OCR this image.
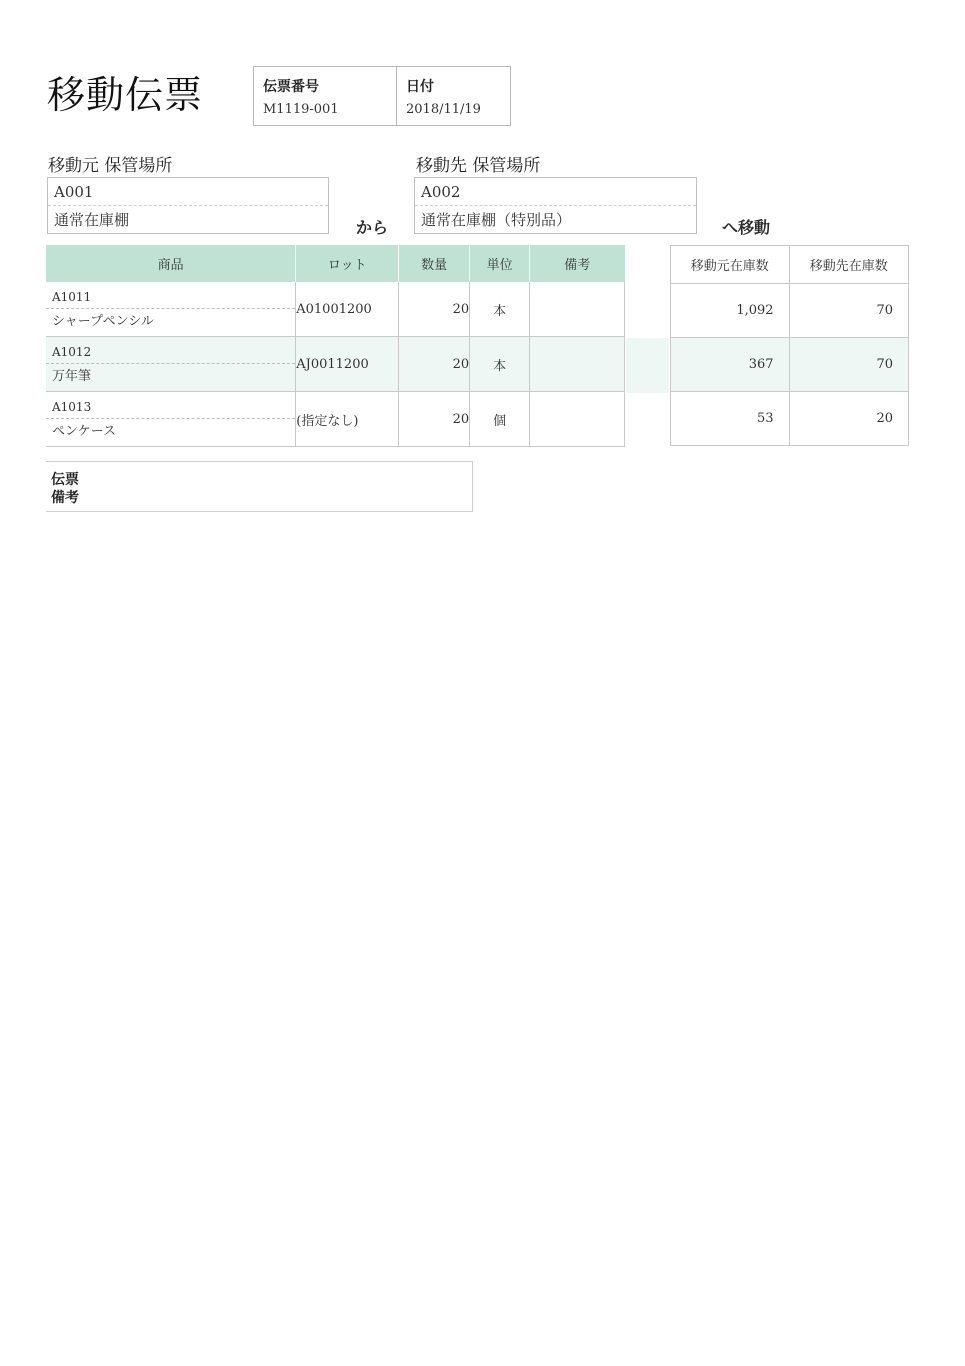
移動伝票	伝票番号
M1119-001
日付
2018/11/19
移動元 保管場所
A001
通常在庫棚	から
移動先 保管場所
A002
通常在庫棚（特別品）	へ移動
商品	ロット	数量	単位	備考

A1011
シャープペンシル	A01001200	20	本	

A1012
万年筆	AJ0011200	20	本	

A1013
ペンケース	(指定なし)	20	個	
移動元在庫数	移動先在庫数
1,092	70
367	70
53	20
伝票
備考
